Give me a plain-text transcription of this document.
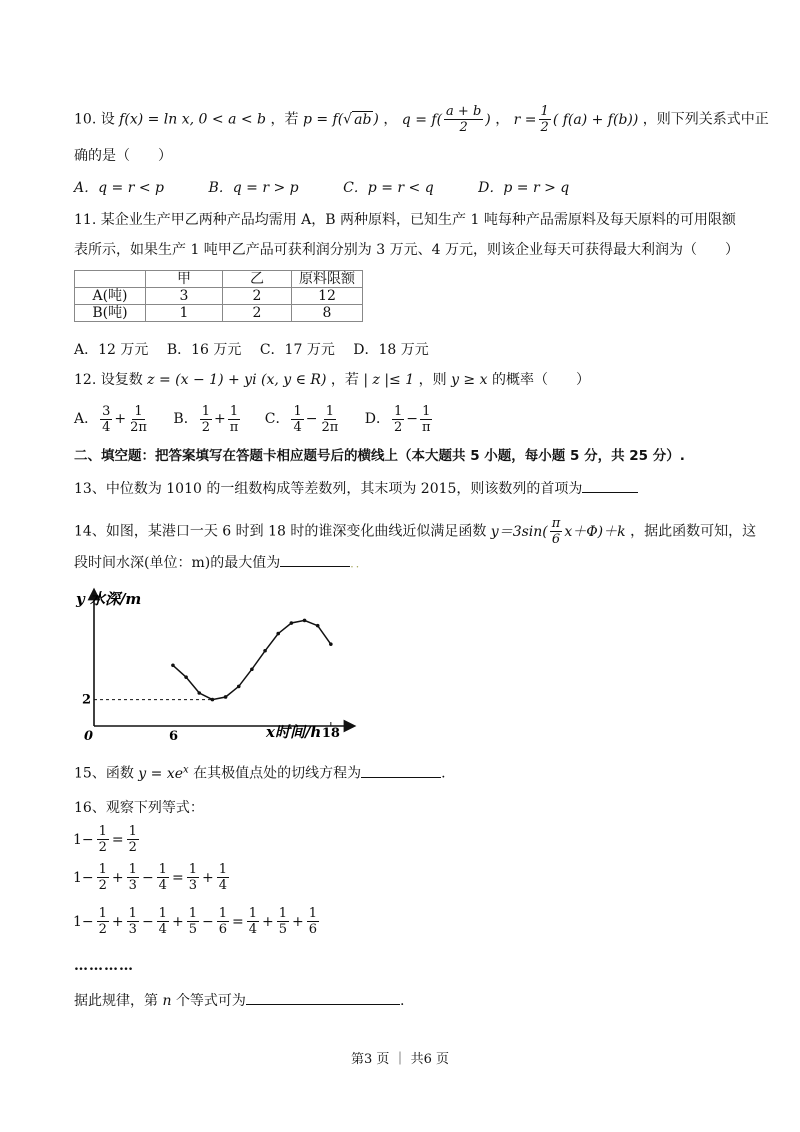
10. 设 f(x) = ln x, 0 < a < b ，若 p = f(√ ab ) ， $q = f( \frac{a + b}{2}$ ) ， $r = \frac{1}{2}$ ( f(a) + f(b)) ，则下列关系式中正
确的是（　　）
A．q = r < p	B．q = r > p	C．p = r < q	D．p = r > q
11. 某企业生产甲乙两种产品均需用 A，B 两种原料，已知生产 1 吨每种产品需原料及每天原料的可用限额
表所示，如果生产 1 吨甲乙产品可获利润分别为 3 万元、4 万元，则该企业每天可获得最大利润为（　　）
	甲	乙	原料限额
A(吨)	3	2	12
B(吨)	1	2	8
A．12 万元 B．16 万元 C．17 万元 D．18 万元
12. 设复数 z = (x − 1) + yi (x, y ∈ R) ，若 | z |≤ 1 ，则 y ≥ x 的概率（　　）
A． $\frac{3}{4} + \frac{1}{2\pi}$ B． $\frac{1}{2} + \frac{1}{\pi}$ C． $\frac{1}{4} - \frac{1}{2\pi}$ D． $\frac{1}{2} - \frac{1}{\pi}$
二、填空题：把答案填写在答题卡相应题号后的横线上（本大题共 5 小题，每小题 5 分，共 25 分）.
13、中位数为 1010 的一组数构成等差数列，其末项为 2015，则该数列的首项为
14、如图，某港口一天 6 时到 18 时的谁深变化曲线近似满足函数 $y=3\sin( \frac{\pi}{6} x+\Phi)+k$ ，据此函数可知，这
段时间水深(单位：m)的最大值为	．．
y 水深/m
x时间/h
0	6	18
2
15、函数 $y = xe^x$ 在其极值点处的切线方程为	.
16、观察下列等式：
$1- \frac{1}{2} = \frac{1}{2}$
$1- \frac{1}{2} + \frac{1}{3} - \frac{1}{4} = \frac{1}{3} + \frac{1}{4}$
$1- \frac{1}{2} + \frac{1}{3} - \frac{1}{4} + \frac{1}{5} - \frac{1}{6} = \frac{1}{4} + \frac{1}{5} + \frac{1}{6}$
…………
据此规律，第 n 个等式可为	.
第3 页 ｜ 共6 页
